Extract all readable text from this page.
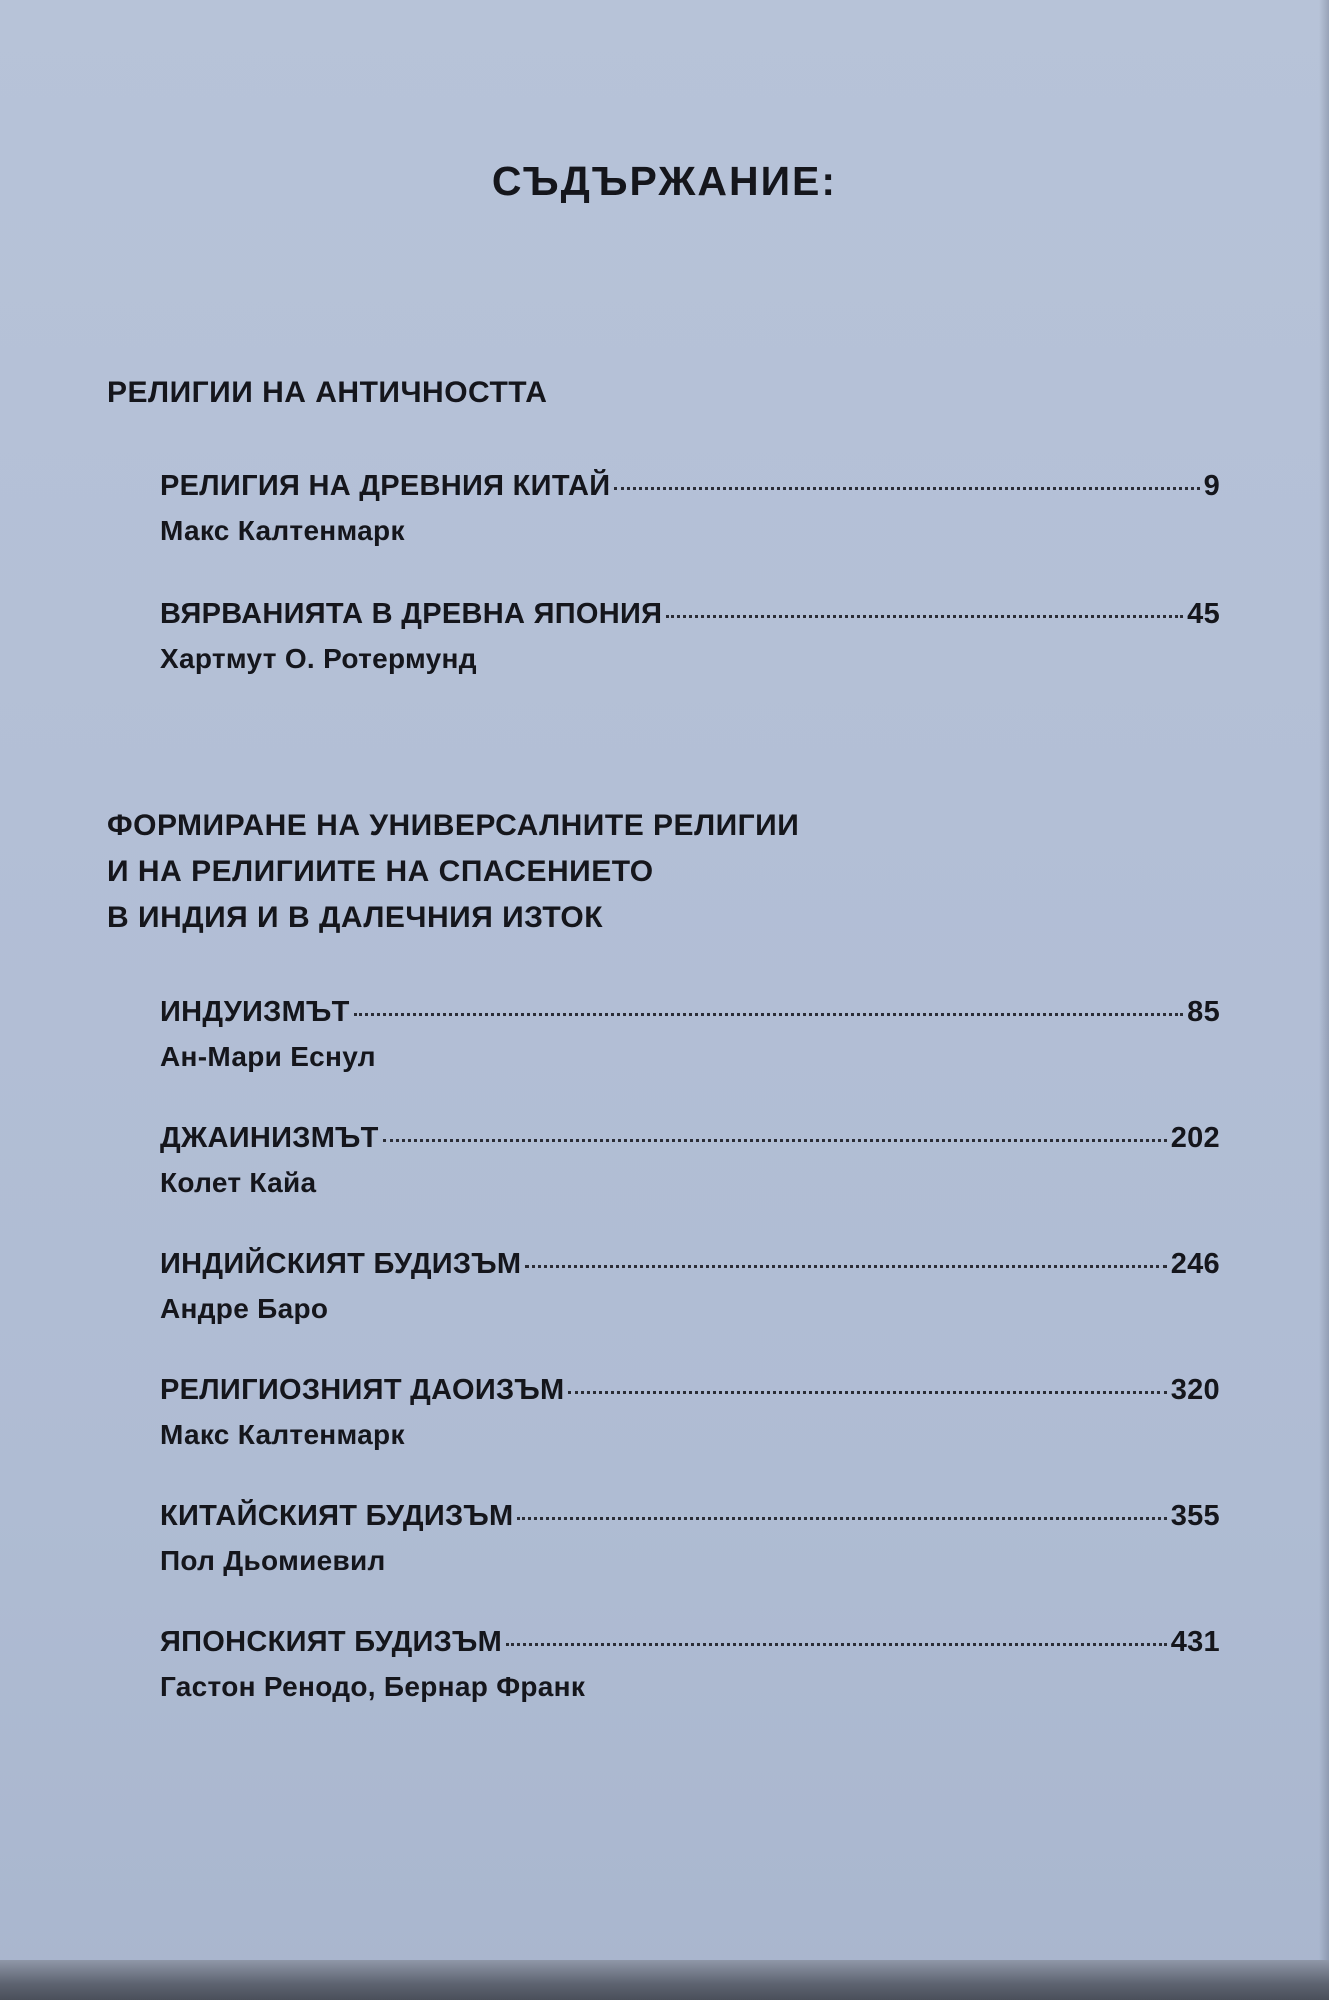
СЪДЪРЖАНИЕ:
РЕЛИГИИ НА АНТИЧНОСТТА
РЕЛИГИЯ НА ДРЕВНИЯ КИТАЙ	9
Макс Калтенмарк
ВЯРВАНИЯТА В ДРЕВНА ЯПОНИЯ	45
Хартмут О. Ротермунд
ФОРМИРАНЕ НА УНИВЕРСАЛНИТЕ РЕЛИГИИ
И НА РЕЛИГИИТЕ НА СПАСЕНИЕТО
В ИНДИЯ И В ДАЛЕЧНИЯ ИЗТОК
ИНДУИЗМЪТ	85
Ан-Мари Еснул
ДЖАИНИЗМЪТ	202
Колет Кайа
ИНДИЙСКИЯТ БУДИЗЪМ	246
Андре Баро
РЕЛИГИОЗНИЯТ ДАОИЗЪМ	320
Макс Калтенмарк
КИТАЙСКИЯТ БУДИЗЪМ	355
Пол Дьомиевил
ЯПОНСКИЯТ БУДИЗЪМ	431
Гастон Ренодо, Бернар Франк
